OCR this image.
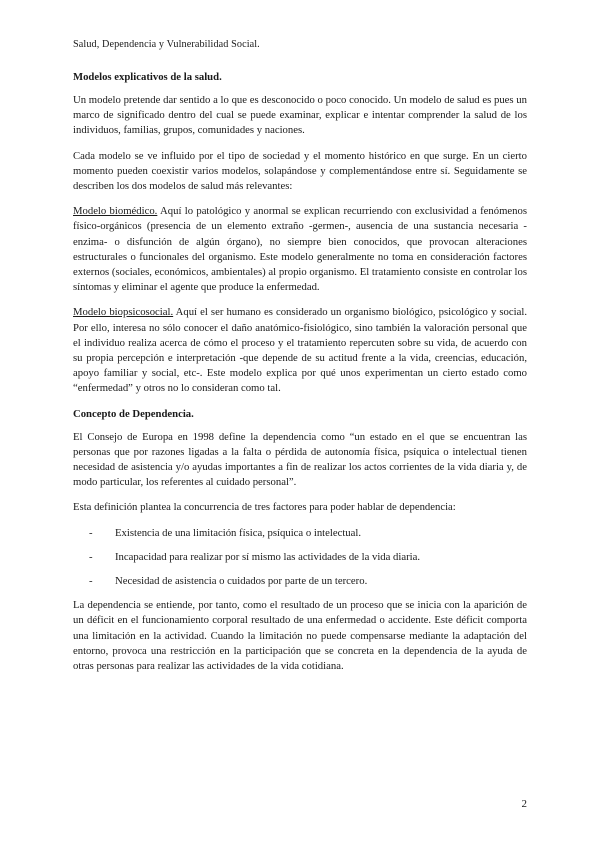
Salud, Dependencia y Vulnerabilidad Social.
Modelos explicativos de la salud.

Un modelo pretende dar sentido a lo que es desconocido o poco conocido. Un modelo de salud es pues un marco de significado dentro del cual se puede examinar, explicar e intentar comprender la salud de los individuos, familias, grupos, comunidades y naciones.

Cada modelo se ve influido por el tipo de sociedad y el momento histórico en que surge. En un cierto momento pueden coexistir varios modelos, solapándose y complementándose entre sí. Seguidamente se describen los dos modelos de salud más relevantes:

Modelo biomédico. Aquí lo patológico y anormal se explican recurriendo con exclusividad a fenómenos físico-orgánicos (presencia de un elemento extraño -germen-, ausencia de una sustancia necesaria -enzima- o disfunción de algún órgano), no siempre bien conocidos, que provocan alteraciones estructurales o funcionales del organismo. Este modelo generalmente no toma en consideración factores externos (sociales, económicos, ambientales) al propio organismo. El tratamiento consiste en controlar los síntomas y eliminar el agente que produce la enfermedad.

Modelo biopsicosocial. Aquí el ser humano es considerado un organismo biológico, psicológico y social. Por ello, interesa no sólo conocer el daño anatómico-fisiológico, sino también la valoración personal que el individuo realiza acerca de cómo el proceso y el tratamiento repercuten sobre su vida, de acuerdo con su propia percepción e interpretación -que depende de su actitud frente a la vida, creencias, educación, apoyo familiar y social, etc-. Este modelo explica por qué unos experimentan un cierto estado como “enfermedad” y otros no lo consideran como tal.

Concepto de Dependencia.

El Consejo de Europa en 1998 define la dependencia como “un estado en el que se encuentran las personas que por razones ligadas a la falta o pérdida de autonomía física, psíquica o intelectual tienen necesidad de asistencia y/o ayudas importantes a fin de realizar los actos corrientes de la vida diaria y, de modo particular, los referentes al cuidado personal”.

Esta definición plantea la concurrencia de tres factores para poder hablar de dependencia:

-	Existencia de una limitación física, psíquica o intelectual.
-	Incapacidad para realizar por sí mismo las actividades de la vida diaria.
-	Necesidad de asistencia o cuidados por parte de un tercero.

La dependencia se entiende, por tanto, como el resultado de un proceso que se inicia con la aparición de un déficit en el funcionamiento corporal resultado de una enfermedad o accidente. Este déficit comporta una limitación en la actividad. Cuando la limitación no puede compensarse mediante la adaptación del entorno, provoca una restricción en la participación que se concreta en la dependencia de la ayuda de otras personas para realizar las actividades de la vida cotidiana.

2
